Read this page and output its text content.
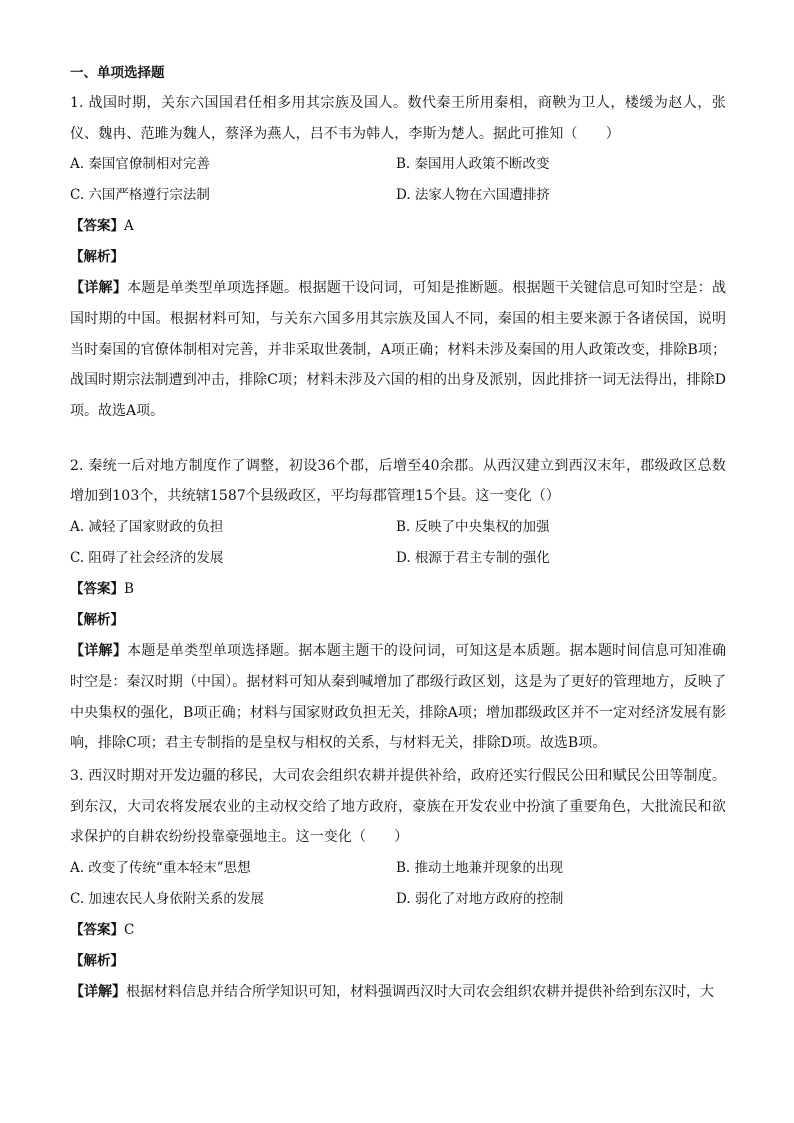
一、单项选择题

1. 战国时期，关东六国国君任相多用其宗族及国人。数代秦王所用秦相，商鞅为卫人，楼缓为赵人，张仪、魏冉、范雎为魏人，蔡泽为燕人，吕不韦为韩人，李斯为楚人。据此可推知（　　）

A. 秦国官僚制相对完善	B. 秦国用人政策不断改变
C. 六国严格遵行宗法制	D. 法家人物在六国遭排挤
【答案】A
【解析】

【详解】本题是单类型单项选择题。根据题干设问词，可知是推断题。根据题干关键信息可知时空是：战国时期的中国。根据材料可知，与关东六国多用其宗族及国人不同，秦国的相主要来源于各诸侯国，说明当时秦国的官僚体制相对完善，并非采取世袭制，A项正确；材料未涉及秦国的用人政策改变，排除B项；战国时期宗法制遭到冲击，排除C项；材料未涉及六国的相的出身及派别，因此排挤一词无法得出，排除D项。故选A项。

2. 秦统一后对地方制度作了调整，初设36个郡，后增至40余郡。从西汉建立到西汉末年，郡级政区总数增加到103个，共统辖1587个县级政区，平均每郡管理15个县。这一变化（）

A. 减轻了国家财政的负担	B. 反映了中央集权的加强
C. 阻碍了社会经济的发展	D. 根源于君主专制的强化
【答案】B
【解析】

【详解】本题是单类型单项选择题。据本题主题干的设问词，可知这是本质题。据本题时间信息可知准确时空是：秦汉时期（中国）。据材料可知从秦到喊增加了郡级行政区划，这是为了更好的管理地方，反映了中央集权的强化，B项正确；材料与国家财政负担无关，排除A项；增加郡级政区并不一定对经济发展有影响，排除C项；君主专制指的是皇权与相权的关系，与材料无关，排除D项。故选B项。

3. 西汉时期对开发边疆的移民，大司农会组织农耕并提供补给，政府还实行假民公田和赋民公田等制度。到东汉，大司农将发展农业的主动权交给了地方政府，豪族在开发农业中扮演了重要角色，大批流民和欲求保护的自耕农纷纷投靠豪强地主。这一变化（　　）

A. 改变了传统“重本轻末”思想	B. 推动土地兼并现象的出现
C. 加速农民人身依附关系的发展	D. 弱化了对地方政府的控制
【答案】C
【解析】

【详解】根据材料信息并结合所学知识可知，材料强调西汉时大司农会组织农耕并提供补给到东汉时，大
